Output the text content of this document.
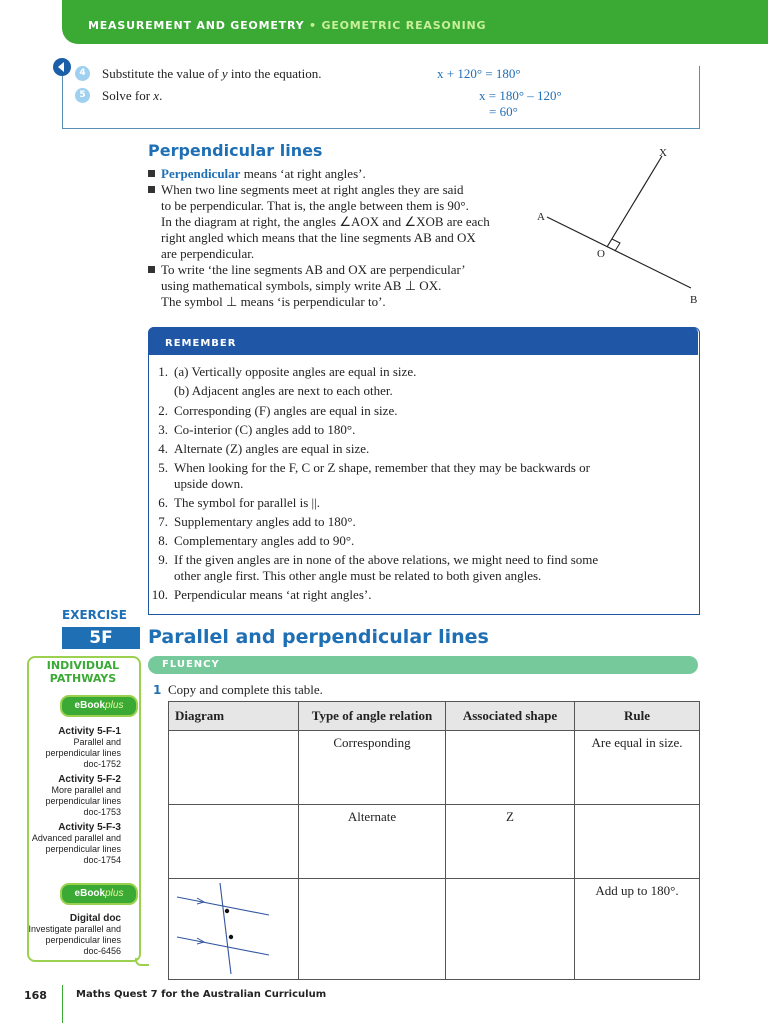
MEASUREMENT AND GEOMETRY • GEOMETRIC REASONING
4	Substitute the value of y into the equation.	x + 120° = 180°
5	Solve for x.	x = 180° – 120°
= 60°
Perpendicular lines
Perpendicular means ‘at right angles’.
When two line segments meet at right angles they are said
to be perpendicular. That is, the angle between them is 90°.
In the diagram at right, the angles ∠AOX and ∠XOB are each
right angled which means that the line segments AB and OX
are perpendicular.
To write ‘the line segments AB and OX are perpendicular’
using mathematical symbols, simply write AB ⊥ OX.
The symbol ⊥ means ‘is perpendicular to’.
X
A
O
B
REMEMBER
1. (a) Vertically opposite angles are equal in size.
(b) Adjacent angles are next to each other.
2. Corresponding (F) angles are equal in size.
3. Co-interior (C) angles add to 180°.
4. Alternate (Z) angles are equal in size.
5. When looking for the F, C or Z shape, remember that they may be backwards or
upside down.
6. The symbol for parallel is ||.
7. Supplementary angles add to 180°.
8. Complementary angles add to 90°.
9. If the given angles are in none of the above relations, we might need to find some
other angle first. This other angle must be related to both given angles.
10. Perpendicular means ‘at right angles’.
EXERCISE
5F	Parallel and perpendicular lines
FLUENCY
1 Copy and complete this table.
Diagram	Type of angle relation	Associated shape	Rule
	Corresponding		Are equal in size.
	Alternate	Z	

			Add up to 180°.
INDIVIDUAL
PATHWAYS
eBookplus
Activity 5-F-1
Parallel and
perpendicular lines
doc-1752
Activity 5-F-2
More parallel and
perpendicular lines
doc-1753
Activity 5-F-3
Advanced parallel and
perpendicular lines
doc-1754
eBookplus
Digital doc
Investigate parallel and
perpendicular lines
doc-6456
168	Maths Quest 7 for the Australian Curriculum
